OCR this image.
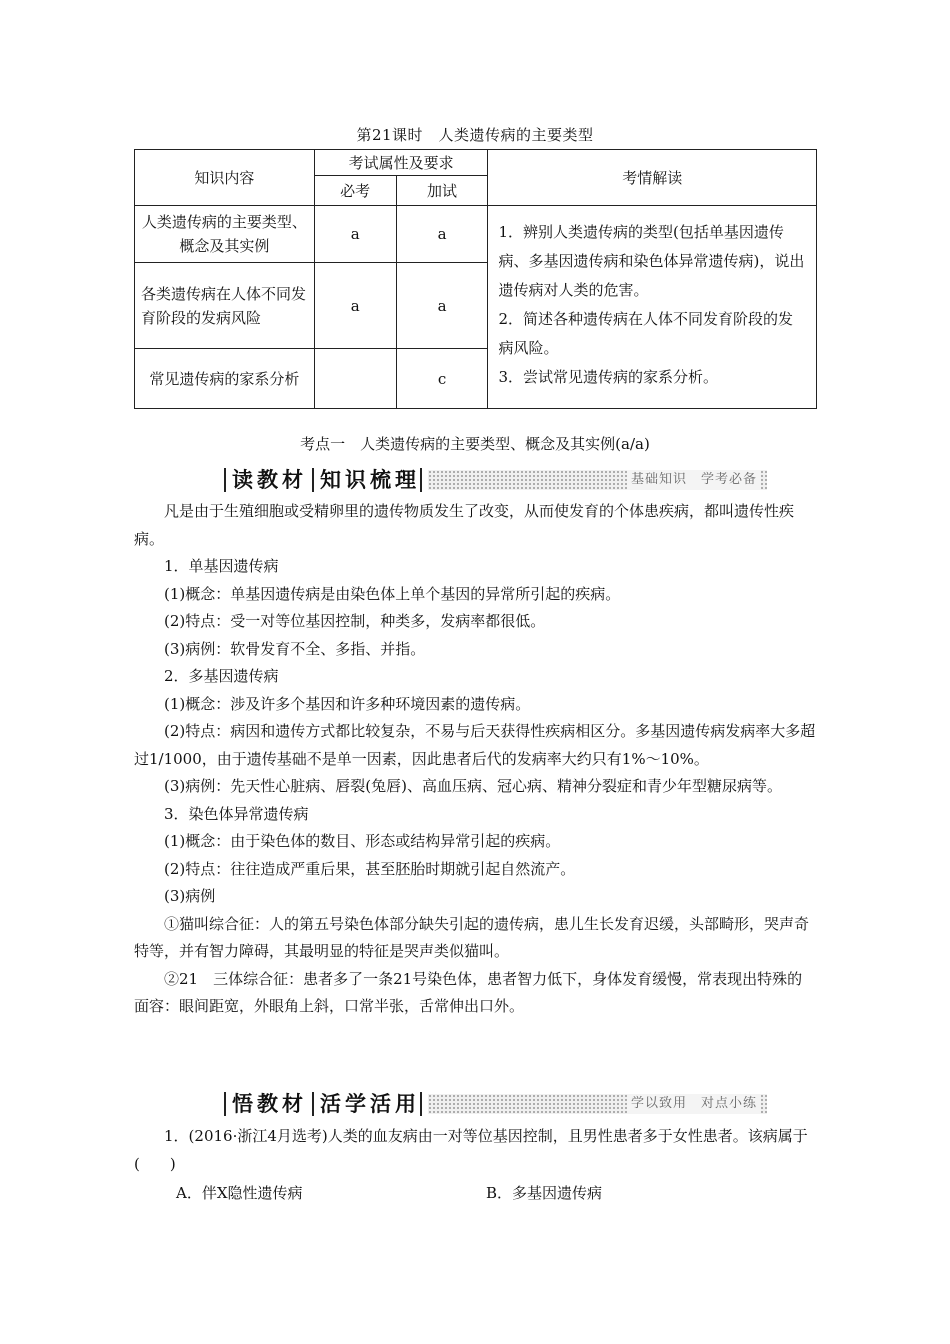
第21课时　人类遗传病的主要类型
知识内容	考试属性及要求		考情解读
	必考	加试	
人类遗传病的主要类型、概念及其实例	a	a	1．辨别人类遗传病的类型(包括单基因遗传病、多基因遗传病和染色体异常遗传病)，说出遗传病对人类的危害。

2．简述各种遗传病在人体不同发育阶段的发病风险。

3．尝试常见遗传病的家系分析。

各类遗传病在人体不同发育阶段的发病风险	a	a	
常见遗传病的家系分析		c	
考点一　人类遗传病的主要类型、概念及其实例(a/a)
读教材 知识梳理	基础知识　学考必备

凡是由于生殖细胞或受精卵里的遗传物质发生了改变，从而使发育的个体患疾病，都叫遗传性疾病。

1．单基因遗传病

(1)概念：单基因遗传病是由染色体上单个基因的异常所引起的疾病。

(2)特点：受一对等位基因控制，种类多，发病率都很低。

(3)病例：软骨发育不全、多指、并指。

2．多基因遗传病

(1)概念：涉及许多个基因和许多种环境因素的遗传病。

(2)特点：病因和遗传方式都比较复杂，不易与后天获得性疾病相区分。多基因遗传病发病率大多超过1/1000，由于遗传基础不是单一因素，因此患者后代的发病率大约只有1%～10%。

(3)病例：先天性心脏病、唇裂(兔唇)、高血压病、冠心病、精神分裂症和青少年型糖尿病等。

3．染色体异常遗传病

(1)概念：由于染色体的数目、形态或结构异常引起的疾病。

(2)特点：往往造成严重后果，甚至胚胎时期就引起自然流产。

(3)病例

①猫叫综合征：人的第五号染色体部分缺失引起的遗传病，患儿生长发育迟缓，头部畸形，哭声奇特等，并有智力障碍，其最明显的特征是哭声类似猫叫。

②21　三体综合征：患者多了一条21号染色体，患者智力低下，身体发育缓慢，常表现出特殊的面容：眼间距宽，外眼角上斜，口常半张，舌常伸出口外。

悟教材 活学活用	学以致用　对点小练

1．(2016·浙江4月选考)人类的血友病由一对等位基因控制，且男性患者多于女性患者。该病属于(　　)

A．伴X隐性遗传病	B．多基因遗传病
